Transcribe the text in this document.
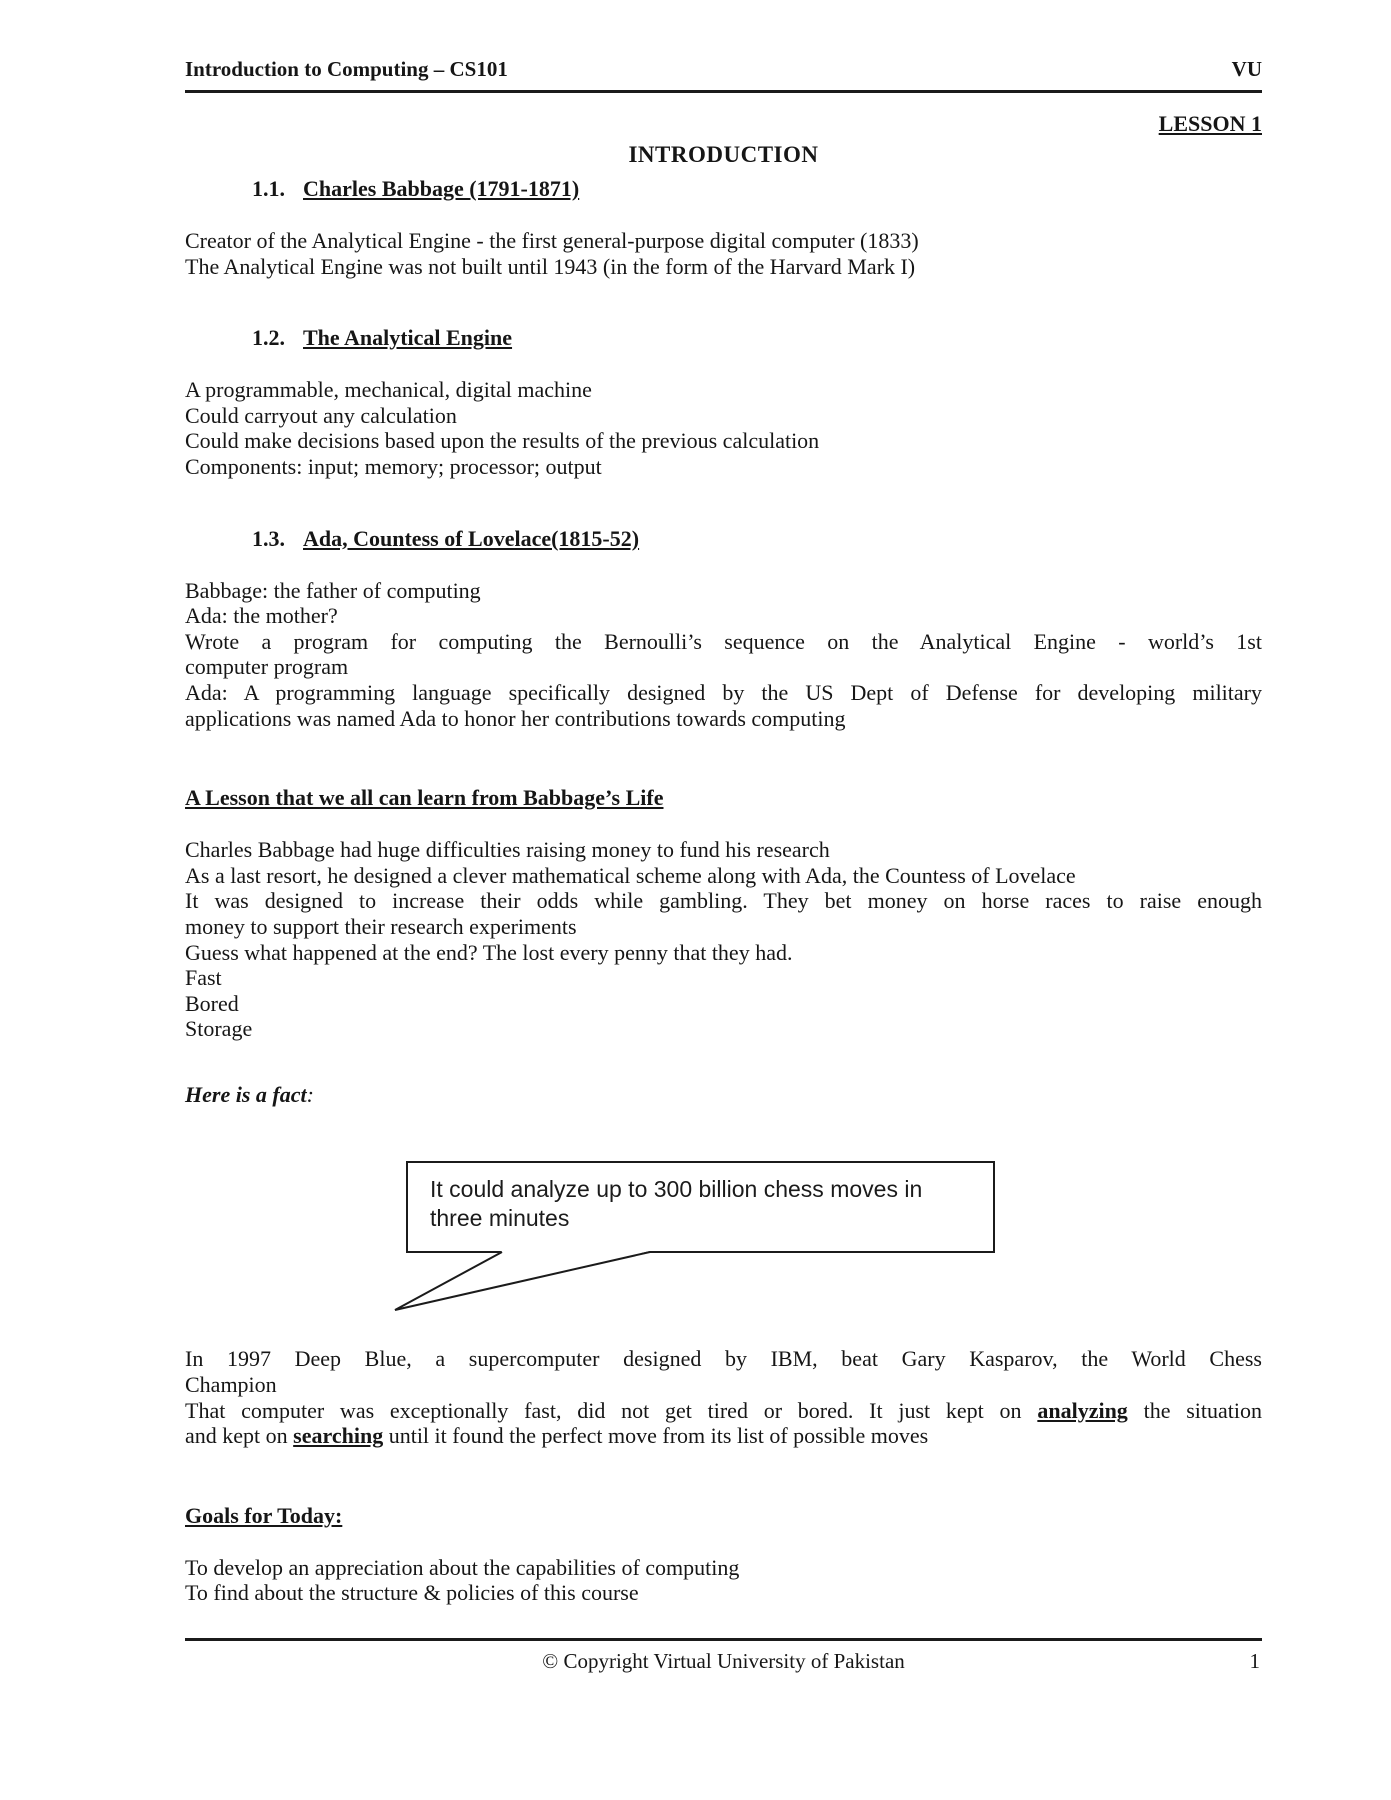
Introduction to Computing – CS101	VU
LESSON 1
INTRODUCTION
1.1. Charles Babbage (1791-1871)
Creator of the Analytical Engine - the first general-purpose digital computer (1833)
The Analytical Engine was not built until 1943 (in the form of the Harvard Mark I)
1.2. The Analytical Engine
A programmable, mechanical, digital machine
Could carryout any calculation
Could make decisions based upon the results of the previous calculation
Components: input; memory; processor; output
1.3. Ada, Countess of Lovelace(1815-52)
Babbage: the father of computing
Ada: the mother?
Wrote a program for computing the Bernoulli’s sequence on the Analytical Engine - world’s 1st
computer program
Ada: A programming language specifically designed by the US Dept of Defense for developing military
applications was named Ada to honor her contributions towards computing
A Lesson that we all can learn from Babbage’s Life
Charles Babbage had huge difficulties raising money to fund his research
As a last resort, he designed a clever mathematical scheme along with Ada, the Countess of Lovelace
It was designed to increase their odds while gambling. They bet money on horse races to raise enough
money to support their research experiments
Guess what happened at the end? The lost every penny that they had.
Fast
Bored
Storage
Here is a fact:
It could analyze up to 300 billion chess moves in three minutes
In 1997 Deep Blue, a supercomputer designed by IBM, beat Gary Kasparov, the World Chess
Champion
That computer was exceptionally fast, did not get tired or bored. It just kept on analyzing the situation
and kept on searching until it found the perfect move from its list of possible moves
Goals for Today:
To develop an appreciation about the capabilities of computing
To find about the structure & policies of this course
© Copyright Virtual University of Pakistan	1
